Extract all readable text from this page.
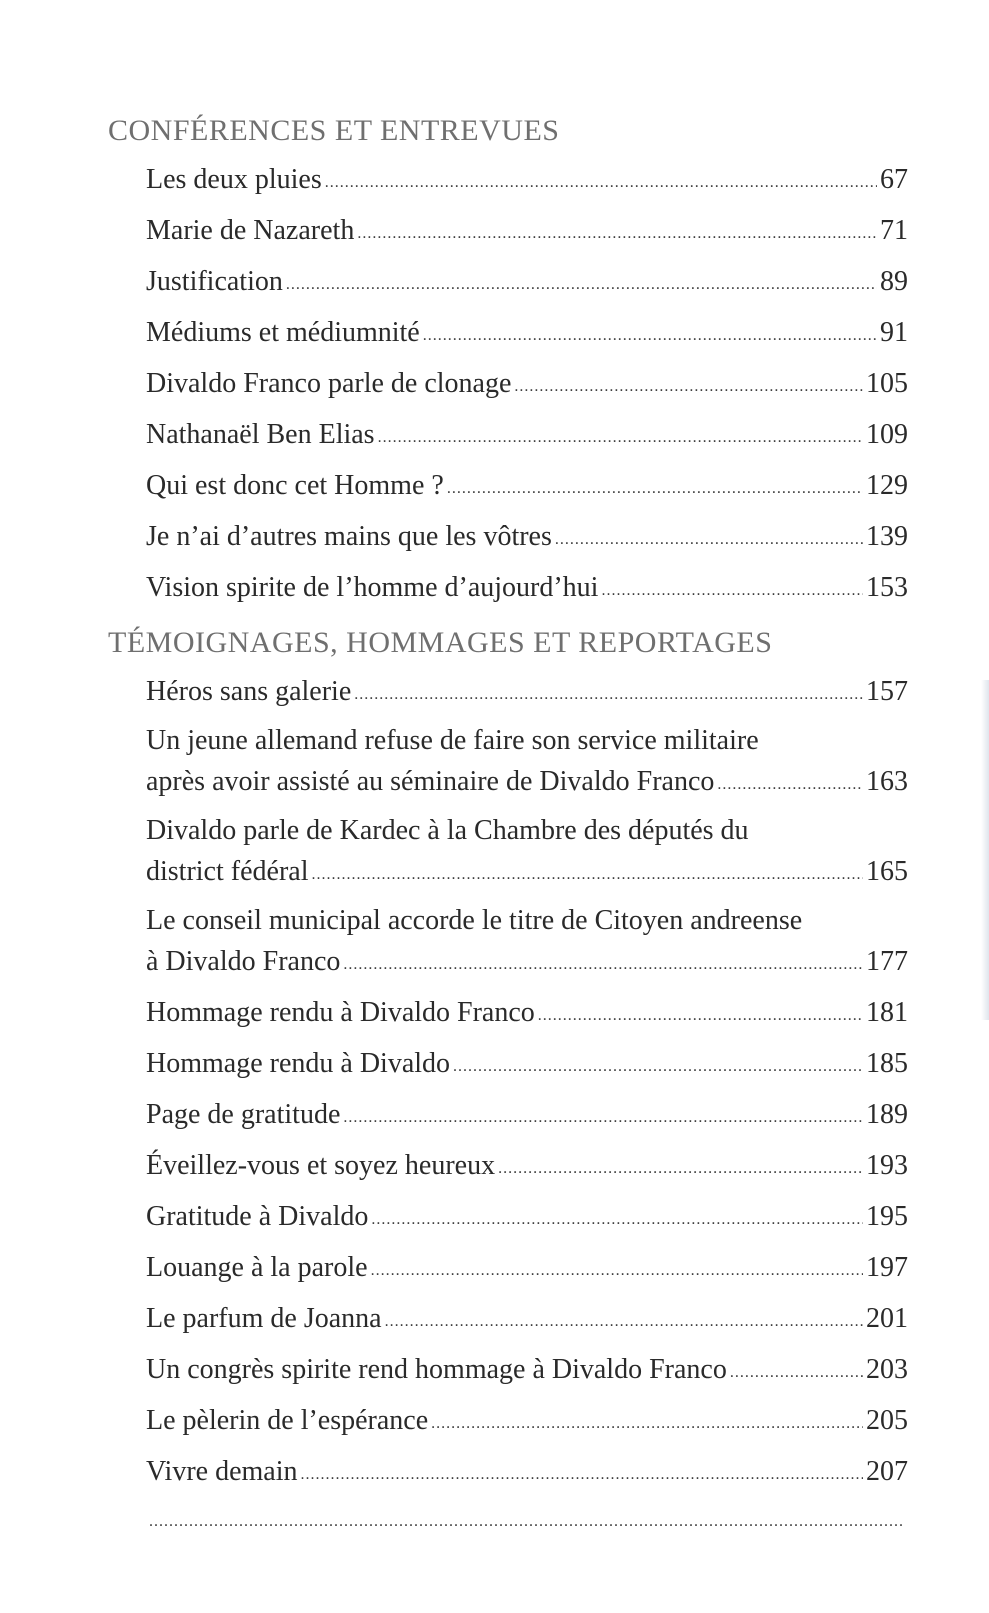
CONFÉRENCES ET ENTREVUES
Les deux pluies .....	67
Marie de Nazareth .....	71
Justification .....	89
Médiums et médiumnité .....	91
Divaldo Franco parle de clonage .....	105
Nathanaël Ben Elias .....	109
Qui est donc cet Homme ? .....	129
Je n’ai d’autres mains que les vôtres .....	139
Vision spirite de l’homme d’aujourd’hui .....	153
TÉMOIGNAGES, HOMMAGES ET REPORTAGES
Héros sans galerie .....	157
Un jeune allemand refuse de faire son service militaire
après avoir assisté au séminaire de Divaldo Franco .....	163
Divaldo parle de Kardec à la Chambre des députés du
district fédéral .....	165
Le conseil municipal accorde le titre de Citoyen andreense
à Divaldo Franco .....	177
Hommage rendu à Divaldo Franco .....	181
Hommage rendu à Divaldo .....	185
Page de gratitude .....	189
Éveillez-vous et soyez heureux .....	193
Gratitude à Divaldo .....	195
Louange à la parole .....	197
Le parfum de Joanna .....	201
Un congrès spirite rend hommage à Divaldo Franco .....	203
Le pèlerin de l’espérance .....	205
Vivre demain .....	207
.....
